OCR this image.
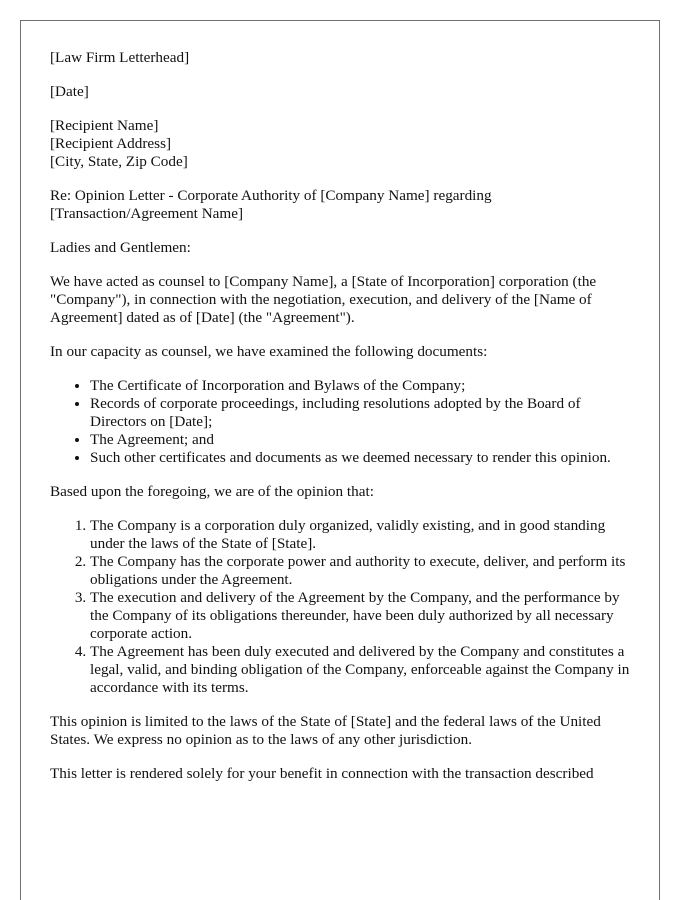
[Law Firm Letterhead]

[Date]

[Recipient Name]
[Recipient Address]
[City, State, Zip Code]

Re: Opinion Letter - Corporate Authority of [Company Name] regarding [Transaction/Agreement Name]

Ladies and Gentlemen:

We have acted as counsel to [Company Name], a [State of Incorporation] corporation (the "Company"), in connection with the negotiation, execution, and delivery of the [Name of Agreement] dated as of [Date] (the "Agreement").

In our capacity as counsel, we have examined the following documents:

• The Certificate of Incorporation and Bylaws of the Company;
• Records of corporate proceedings, including resolutions adopted by the Board of Directors on [Date];
• The Agreement; and
• Such other certificates and documents as we deemed necessary to render this opinion.

Based upon the foregoing, we are of the opinion that:

1. The Company is a corporation duly organized, validly existing, and in good standing under the laws of the State of [State].
2. The Company has the corporate power and authority to execute, deliver, and perform its obligations under the Agreement.
3. The execution and delivery of the Agreement by the Company, and the performance by the Company of its obligations thereunder, have been duly authorized by all necessary corporate action.
4. The Agreement has been duly executed and delivered by the Company and constitutes a legal, valid, and binding obligation of the Company, enforceable against the Company in accordance with its terms.

This opinion is limited to the laws of the State of [State] and the federal laws of the United States. We express no opinion as to the laws of any other jurisdiction.

This letter is rendered solely for your benefit in connection with the transaction described
